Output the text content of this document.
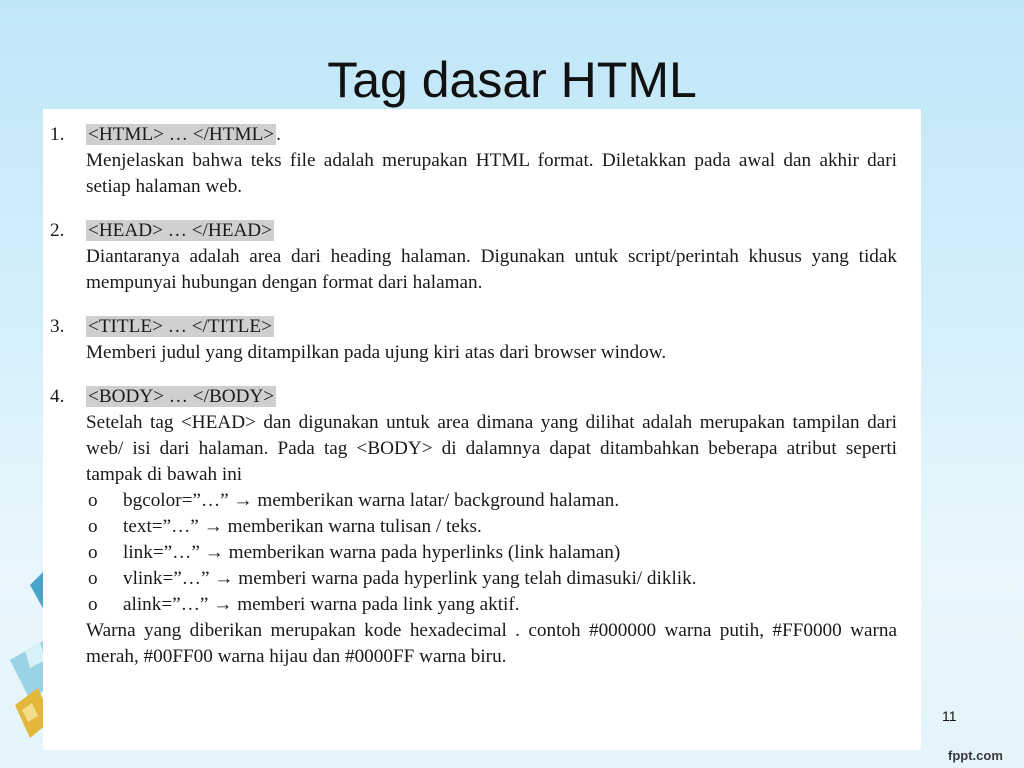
Tag dasar HTML
1. <HTML> … </HTML> .

Menjelaskan bahwa teks file adalah merupakan HTML format. Diletakkan pada awal dan akhir dari setiap halaman web.

2. <HEAD> … </HEAD>

Diantaranya adalah area dari heading halaman. Digunakan untuk script/perintah khusus yang tidak mempunyai hubungan dengan format dari halaman.

3. <TITLE> … </TITLE>

Memberi judul yang ditampilkan pada ujung kiri atas dari browser window.

4. <BODY> … </BODY>

Setelah tag <HEAD> dan digunakan untuk area dimana yang dilihat adalah merupakan tampilan dari web/ isi dari halaman. Pada tag <BODY> di dalamnya dapat ditambahkan beberapa atribut seperti tampak di bawah ini

o bgcolor=”…” → memberikan warna latar/ background halaman.
o text=”…” → memberikan warna tulisan / teks.
o link=”…” → memberikan warna pada hyperlinks (link halaman)
o vlink=”…” → memberi warna pada hyperlink yang telah dimasuki/ diklik.
o alink=”…” → memberi warna pada link yang aktif.

Warna yang diberikan merupakan kode hexadecimal . contoh #000000 warna putih, #FF0000 warna merah, #00FF00 warna hijau dan #0000FF warna biru.

11
fppt.com
